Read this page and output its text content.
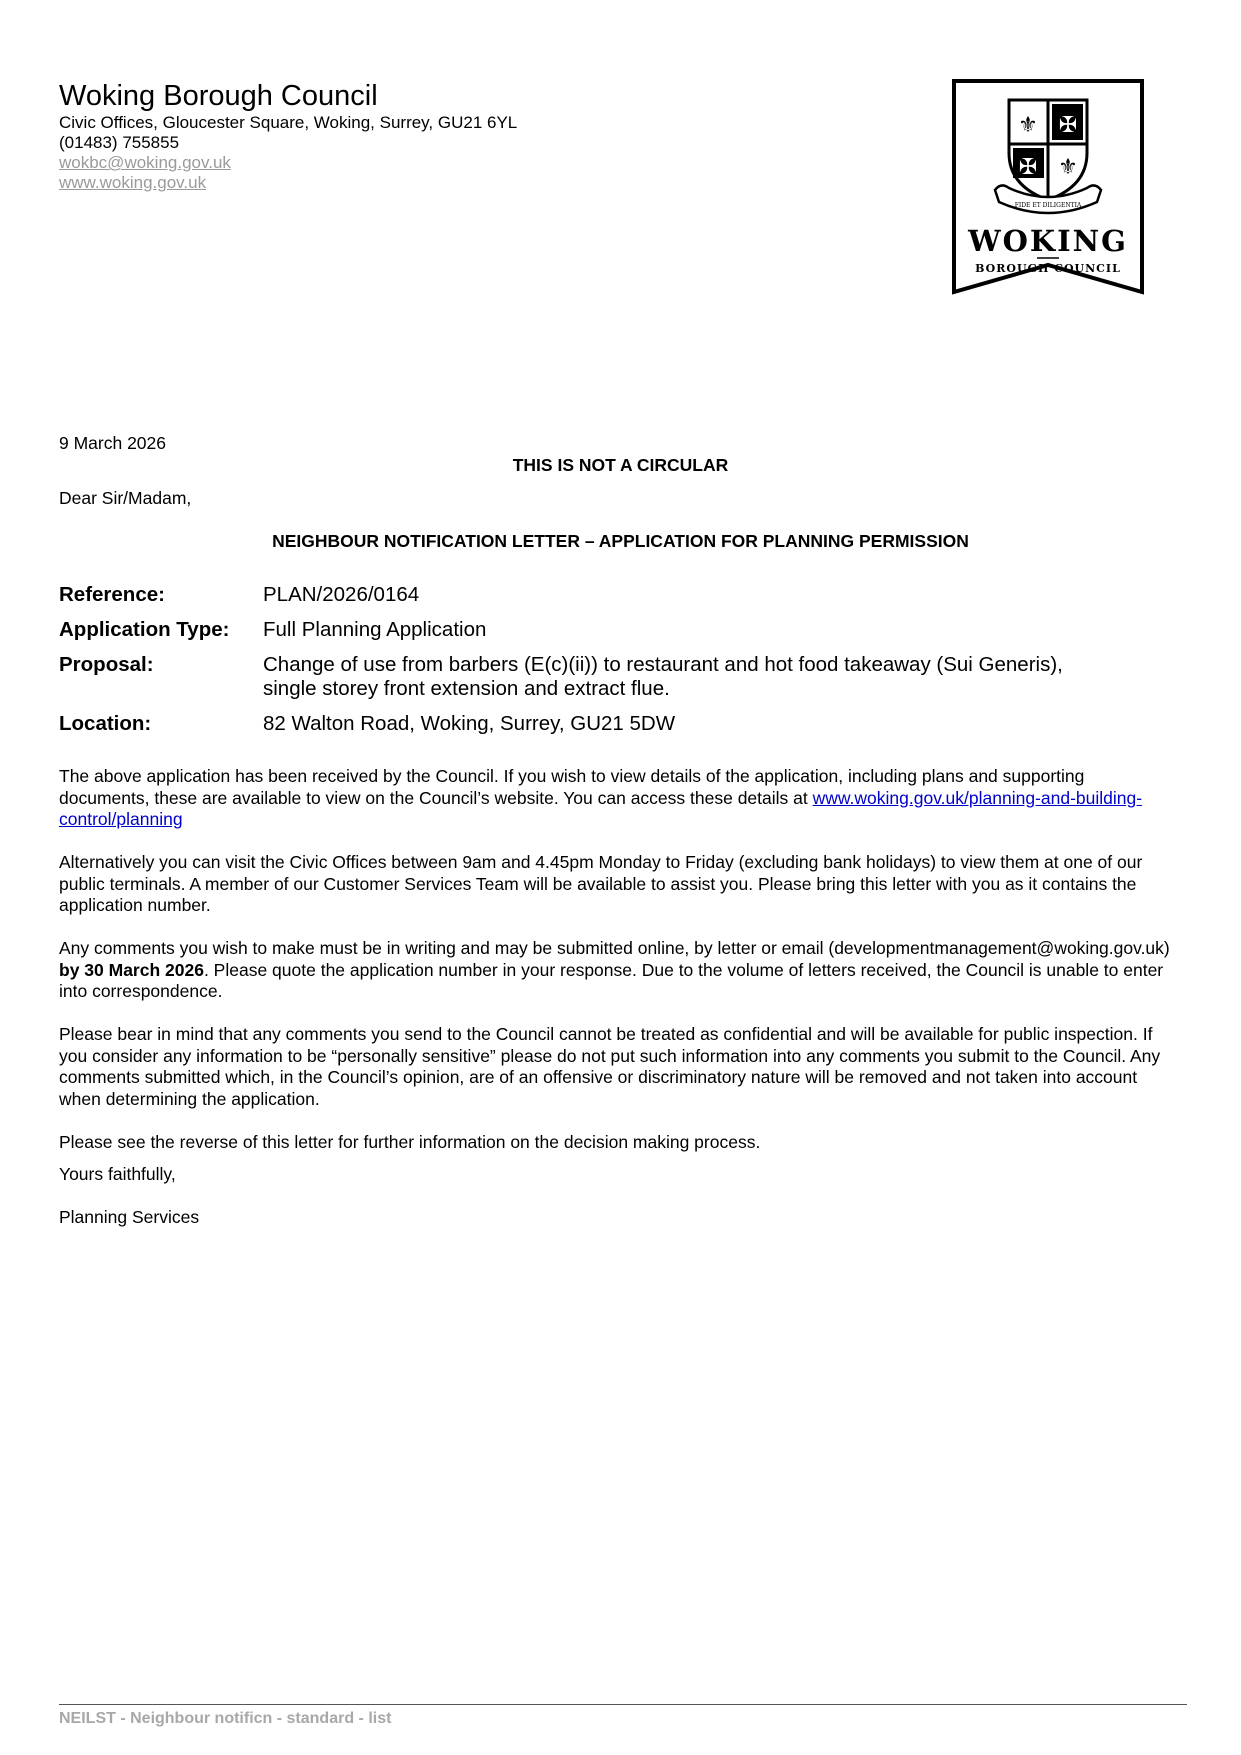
Woking Borough Council
Civic Offices, Gloucester Square, Woking, Surrey, GU21 6YL
(01483) 755855
wokbc@woking.gov.uk
www.woking.gov.uk
⚜ ✠
⚜
✠
FIDE ET DILIGENTIA
WOKING
BOROUGH COUNCIL
9 March 2026
THIS IS NOT A CIRCULAR
Dear Sir/Madam,
NEIGHBOUR NOTIFICATION LETTER – APPLICATION FOR PLANNING PERMISSION
Reference:	PLAN/2026/0164
Application Type: Full Planning Application
Proposal:	Change of use from barbers (E(c)(ii)) to restaurant and hot food takeaway (Sui Generis),
single storey front extension and extract flue.
Location:	82 Walton Road, Woking, Surrey, GU21 5DW
The above application has been received by the Council. If you wish to view details of the application, including plans and supporting documents, these are available to view on the Council’s website. You can access these details at www.woking.gov.uk/planning-and-building-control/planning
Alternatively you can visit the Civic Offices between 9am and 4.45pm Monday to Friday (excluding bank holidays) to view them at one of our public terminals. A member of our Customer Services Team will be available to assist you. Please bring this letter with you as it contains the application number.
Any comments you wish to make must be in writing and may be submitted online, by letter or email (developmentmanagement@woking.gov.uk) by 30 March 2026. Please quote the application number in your response. Due to the volume of letters received, the Council is unable to enter into correspondence.
Please bear in mind that any comments you send to the Council cannot be treated as confidential and will be available for public inspection. If you consider any information to be “personally sensitive” please do not put such information into any comments you submit to the Council. Any comments submitted which, in the Council’s opinion, are of an offensive or discriminatory nature will be removed and not taken into account when determining the application.
Please see the reverse of this letter for further information on the decision making process.
Yours faithfully,
Planning Services
NEILST - Neighbour notificn - standard - list
